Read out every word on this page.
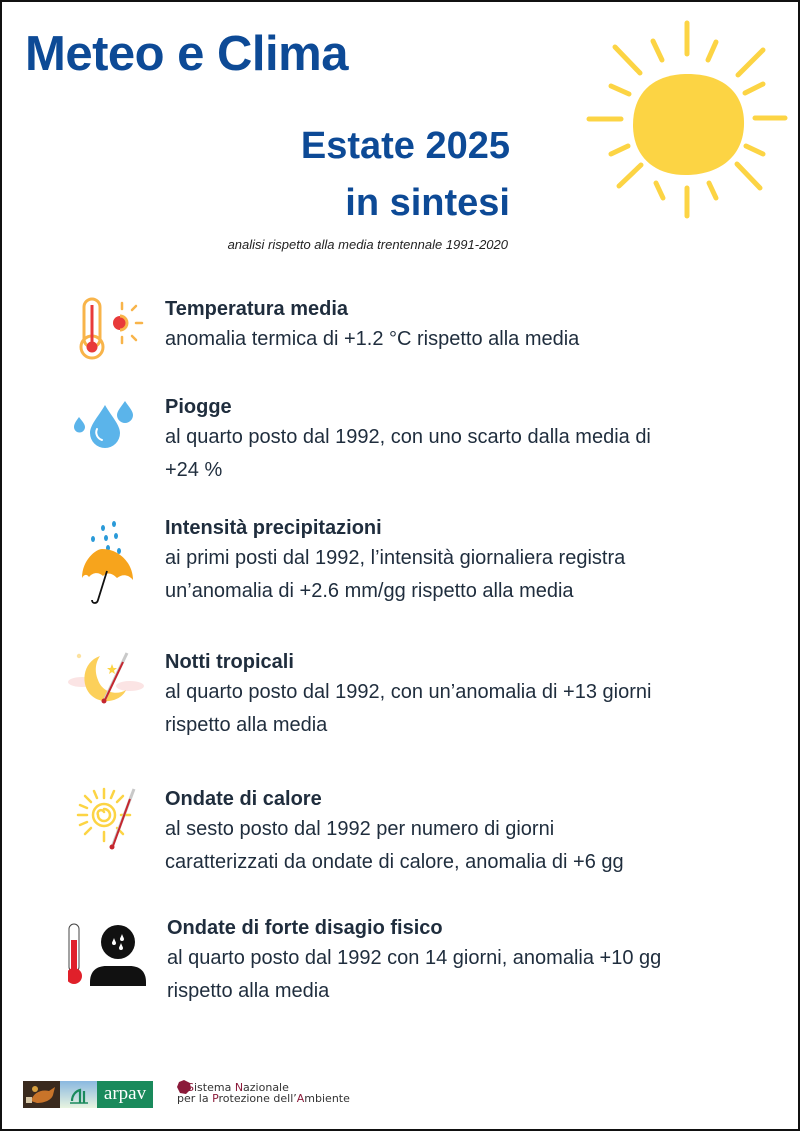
Meteo e Clima
Estate 2025
in sintesi
analisi rispetto alla media trentennale 1991-2020
Temperatura media
anomalia termica di +1.2 °C rispetto alla media
Piogge
al quarto posto dal 1992, con uno scarto dalla media di
+24 %
Intensità precipitazioni
ai primi posti dal 1992, l’intensità giornaliera registra
un’anomalia di +2.6 mm/gg rispetto alla media
Notti tropicali
al quarto posto dal 1992, con un’anomalia di +13 giorni
rispetto alla media
Ondate di calore
al sesto posto dal 1992 per numero di giorni
caratterizzati da ondate di calore, anomalia di +6 gg
Ondate di forte disagio fisico
al quarto posto dal 1992 con 14 giorni, anomalia +10 gg
rispetto alla media
arpav	Sistema Nazionale
per la Protezione dell’Ambiente
